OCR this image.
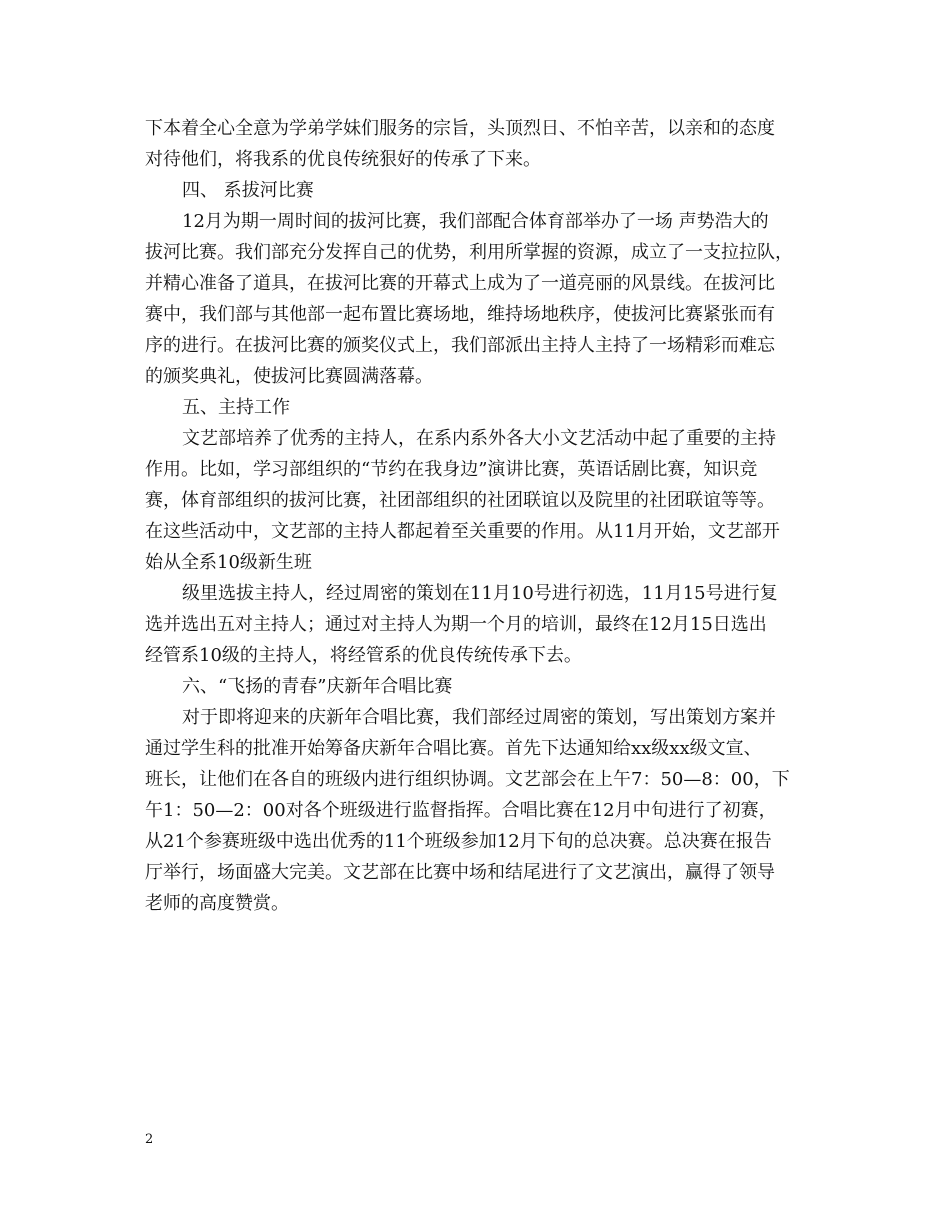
下本着全心全意为学弟学妹们服务的宗旨，头顶烈日、不怕辛苦，以亲和的态度
对待他们，将我系的优良传统狠好的传承了下来。
四、 系拔河比赛
12月为期一周时间的拔河比赛，我们部配合体育部举办了一场 声势浩大的
拔河比赛。我们部充分发挥自己的优势，利用所掌握的资源，成立了一支拉拉队，
并精心准备了道具，在拔河比赛的开幕式上成为了一道亮丽的风景线。在拔河比
赛中，我们部与其他部一起布置比赛场地，维持场地秩序，使拔河比赛紧张而有
序的进行。在拔河比赛的颁奖仪式上，我们部派出主持人主持了一场精彩而难忘
的颁奖典礼，使拔河比赛圆满落幕。
五、主持工作
文艺部培养了优秀的主持人，在系内系外各大小文艺活动中起了重要的主持
作用。比如，学习部组织的“节约在我身边”演讲比赛，英语话剧比赛，知识竞
赛，体育部组织的拔河比赛，社团部组织的社团联谊以及院里的社团联谊等等。
在这些活动中，文艺部的主持人都起着至关重要的作用。从11月开始，文艺部开
始从全系10级新生班
级里选拔主持人，经过周密的策划在11月10号进行初选，11月15号进行复
选并选出五对主持人；通过对主持人为期一个月的培训，最终在12月15日选出
经管系10级的主持人，将经管系的优良传统传承下去。
六、“飞扬的青春”庆新年合唱比赛
对于即将迎来的庆新年合唱比赛，我们部经过周密的策划，写出策划方案并
通过学生科的批准开始筹备庆新年合唱比赛。首先下达通知给xx级xx级文宣、
班长，让他们在各自的班级内进行组织协调。文艺部会在上午7：50—8：00，下
午1：50—2：00对各个班级进行监督指挥。合唱比赛在12月中旬进行了初赛，
从21个参赛班级中选出优秀的11个班级参加12月下旬的总决赛。总决赛在报告
厅举行，场面盛大完美。文艺部在比赛中场和结尾进行了文艺演出，赢得了领导
老师的高度赞赏。
2
